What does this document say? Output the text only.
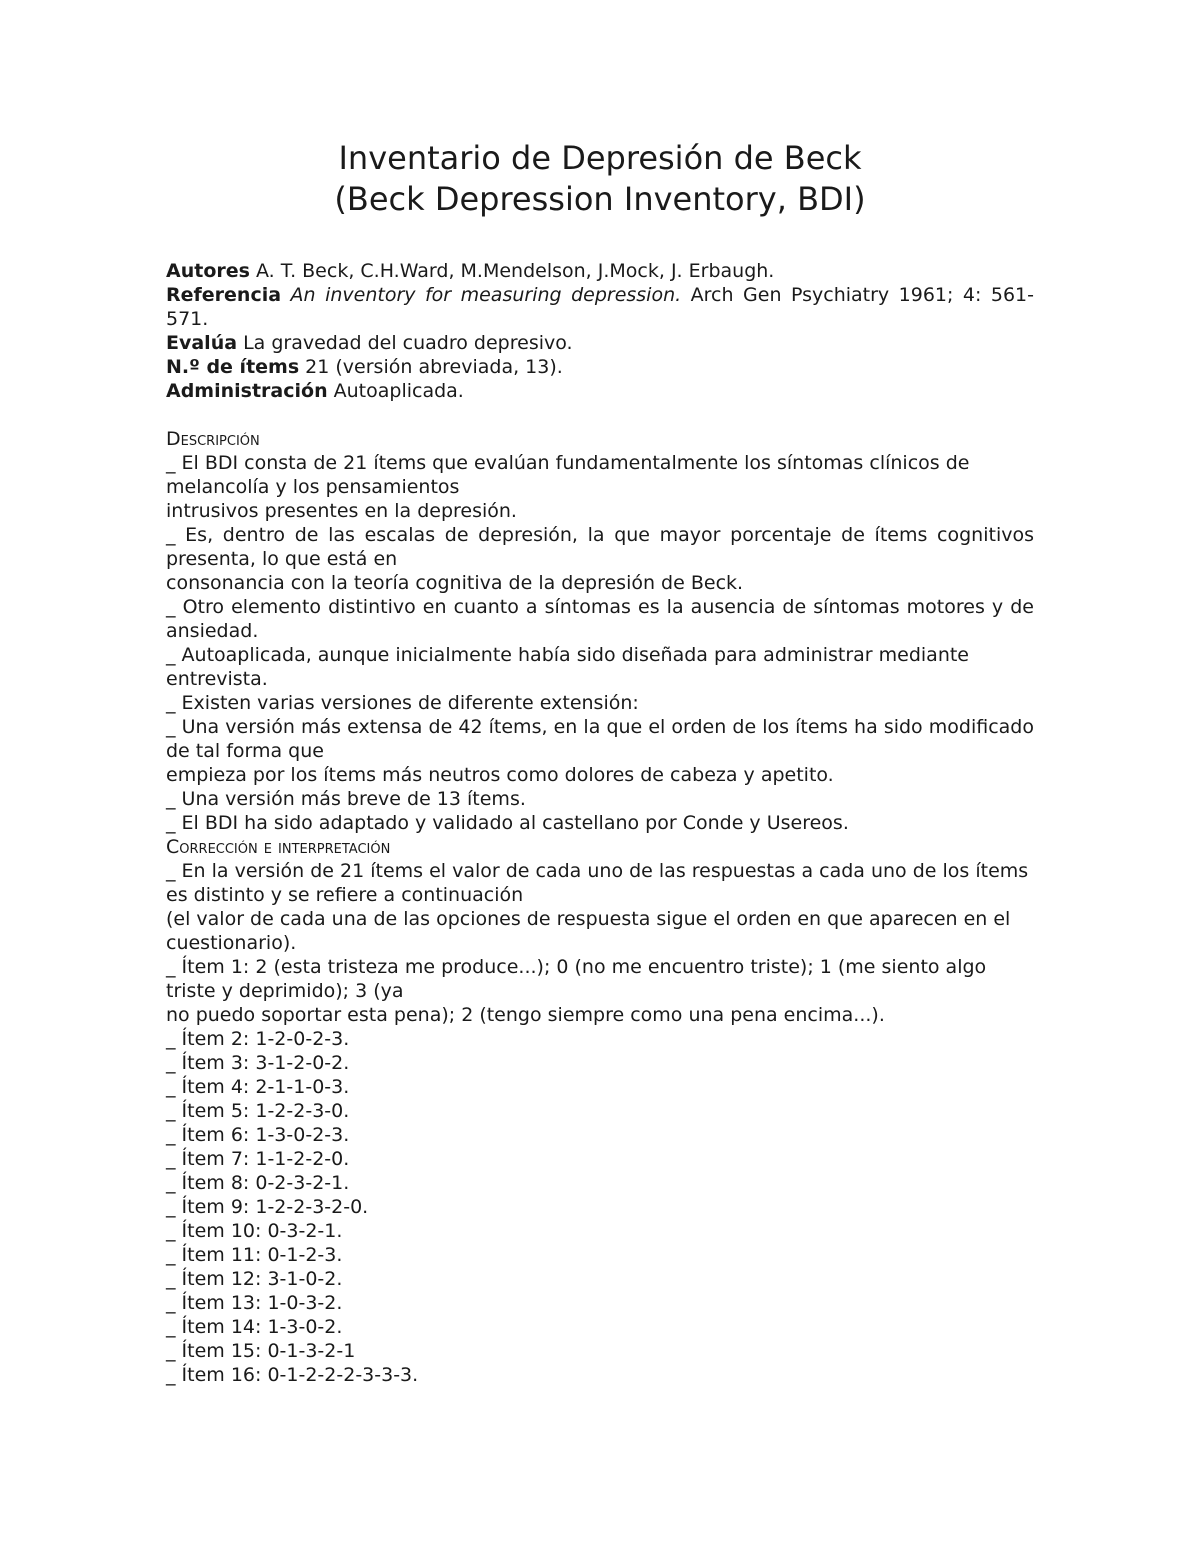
Inventario de Depresión de Beck
(Beck Depression Inventory, BDI)

Autores A. T. Beck, C.H.Ward, M.Mendelson, J.Mock, J. Erbaugh.

Referencia An inventory for measuring depression. Arch Gen Psychiatry 1961; 4: 561-571.

Evalúa La gravedad del cuadro depresivo.

N.º de ítems 21 (versión abreviada, 13).

Administración Autoaplicada.

Descripción

_ El BDI consta de 21 ítems que evalúan fundamentalmente los síntomas clínicos de melancolía y los pensamientos

intrusivos presentes en la depresión.

_ Es, dentro de las escalas de depresión, la que mayor porcentaje de ítems cognitivos presenta, lo que está en

consonancia con la teoría cognitiva de la depresión de Beck.

_ Otro elemento distintivo en cuanto a síntomas es la ausencia de síntomas motores y de ansiedad.

_ Autoaplicada, aunque inicialmente había sido diseñada para administrar mediante entrevista.

_ Existen varias versiones de diferente extensión:

_ Una versión más extensa de 42 ítems, en la que el orden de los ítems ha sido modificado de tal forma que

empieza por los ítems más neutros como dolores de cabeza y apetito.

_ Una versión más breve de 13 ítems.

_ El BDI ha sido adaptado y validado al castellano por Conde y Usereos.

Corrección e interpretación

_ En la versión de 21 ítems el valor de cada uno de las respuestas a cada uno de los ítems es distinto y se refiere a continuación

(el valor de cada una de las opciones de respuesta sigue el orden en que aparecen en el cuestionario).

_ Ítem 1: 2 (esta tristeza me produce...); 0 (no me encuentro triste); 1 (me siento algo triste y deprimido); 3 (ya

no puedo soportar esta pena); 2 (tengo siempre como una pena encima...).

_ Ítem 2: 1-2-0-2-3.
_ Ítem 3: 3-1-2-0-2.
_ Ítem 4: 2-1-1-0-3.
_ Ítem 5: 1-2-2-3-0.
_ Ítem 6: 1-3-0-2-3.
_ Ítem 7: 1-1-2-2-0.
_ Ítem 8: 0-2-3-2-1.
_ Ítem 9: 1-2-2-3-2-0.
_ Ítem 10: 0-3-2-1.
_ Ítem 11: 0-1-2-3.
_ Ítem 12: 3-1-0-2.
_ Ítem 13: 1-0-3-2.
_ Ítem 14: 1-3-0-2.
_ Ítem 15: 0-1-3-2-1
_ Ítem 16: 0-1-2-2-2-3-3-3.
